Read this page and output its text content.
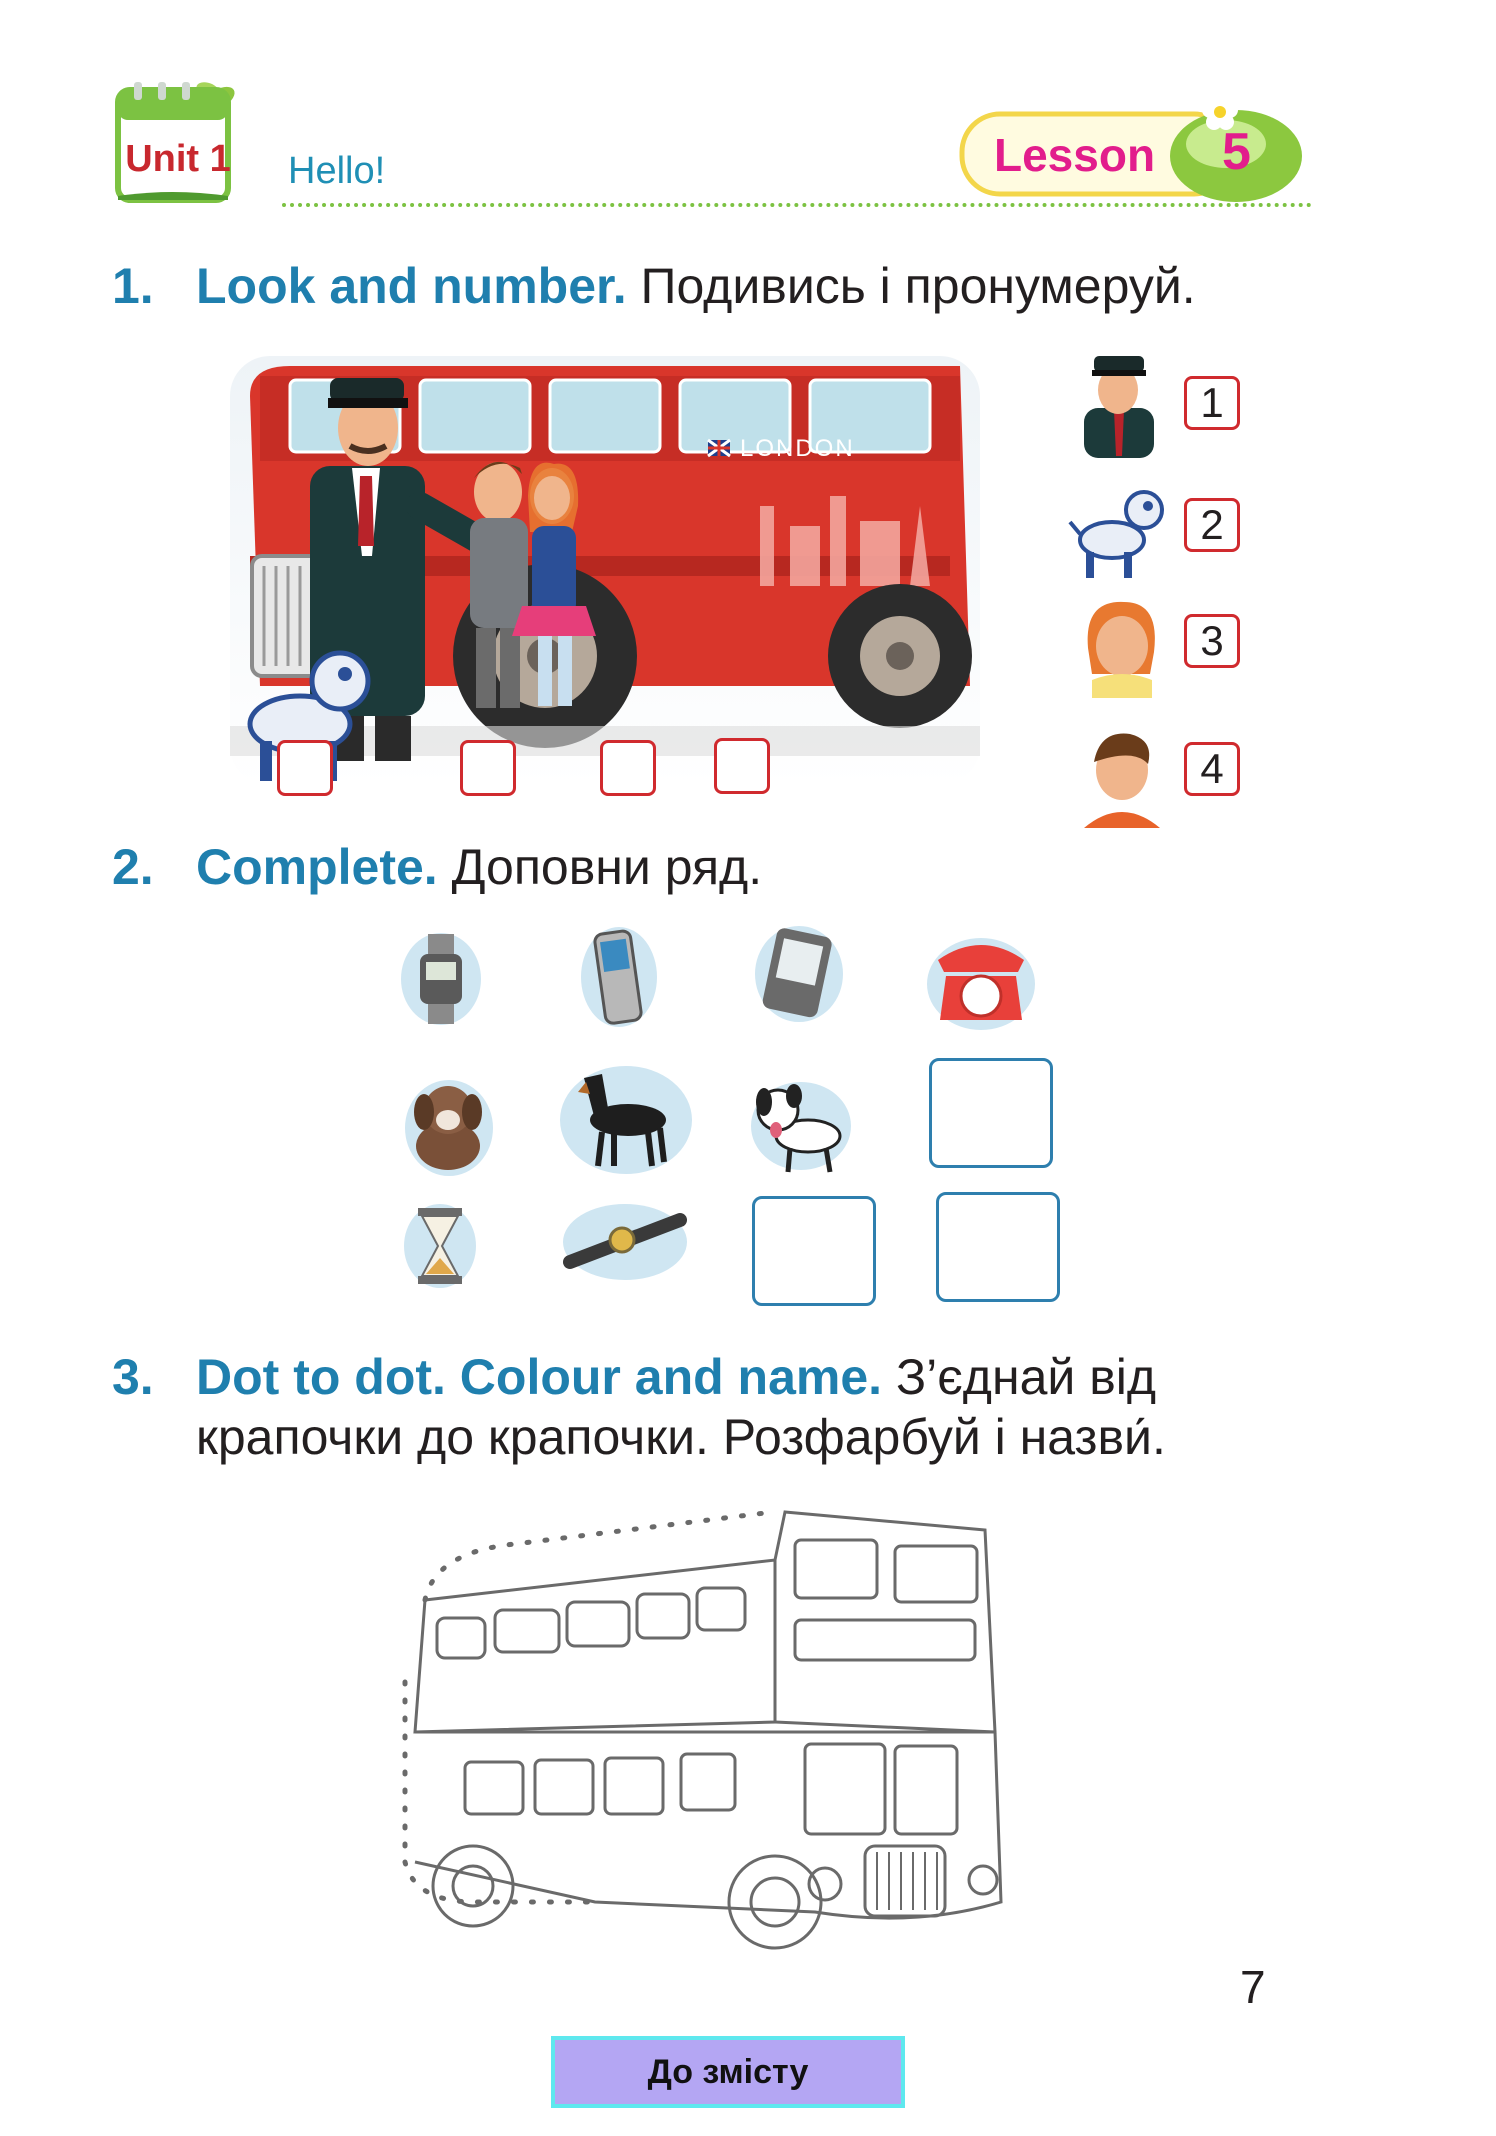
Unit 1 Hello!	Lesson 5
1. Look and number. Подивись і пронумеруй.
LONDON
1
2
3
4
2. Complete. Доповни ряд.
3. Dot to dot. Colour and name. З’єднай від
крапочки до крапочки. Розфарбуй і назви́.
7
До змісту
